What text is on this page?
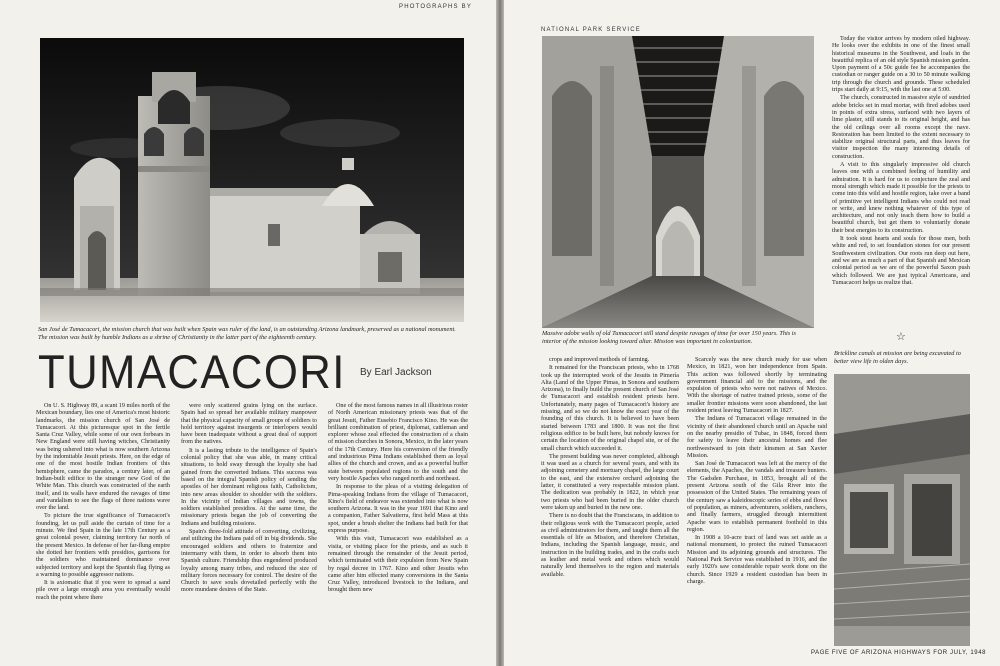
PHOTOGRAPHS BY
San José de Tumacacori, the mission church that was built when Spain was ruler of the land, is an outstanding Arizona landmark, preserved as a national monument. The mission was built by humble Indians as a shrine of Christianity in the latter part of the eighteenth century.
TUMACACORI By Earl Jackson

On U. S. Highway 89, a scant 19 miles north of the Mexican boundary, lies one of America's most historic landmarks, the mission church of San José de Tumacacori. At this picturesque spot in the fertile Santa Cruz Valley, while some of our own forbears in New England were still having witches, Christianity was being ushered into what is now southern Arizona by the indomitable Jesuit priests. Here, on the edge of one of the most hostile Indian frontiers of this hemisphere, came the paradox, a century later, of an Indian-built edifice to the stranger new God of the White Man. This church was constructed of the earth itself, and its walls have endured the ravages of time and vandalism to see the flags of three nations wave over the land.

To picture the true significance of Tumacacori's founding, let us pull aside the curtain of time for a minute. We find Spain in the late 17th Century as a great colonial power, claiming territory far north of the present Mexico. In defense of her far-flung empire she dotted her frontiers with presidios, garrisons for the soldiers who maintained dominance over subjected territory and kept the Spanish flag flying as a warning to possible aggressor nations.

It is axiomatic that if you were to spread a sand pile over a large enough area you eventually would reach the point where there

were only scattered grains lying on the surface. Spain had so spread her available military manpower that the physical capacity of small groups of soldiers to hold territory against insurgents or interlopers would have been inadequate without a great deal of support from the natives.

It is a lasting tribute to the intelligence of Spain's colonial policy that she was able, in many critical situations, to hold sway through the loyalty she had gained from the converted Indians. This success was based on the integral Spanish policy of sending the apostles of her dominant religious faith, Catholicism, into new areas shoulder to shoulder with the soldiers. In the vicinity of Indian villages and towns, the soldiers established presidios. At the same time, the missionary priests began the job of converting the Indians and building missions.

Spain's three-fold attitude of converting, civilizing, and utilizing the Indians paid off in big dividends. She encouraged soldiers and others to fraternize and intermarry with them, in order to absorb them into Spanish culture. Friendship thus engendered produced loyalty among many tribes, and reduced the size of military forces necessary for control. The desire of the Church to save souls dovetailed perfectly with the more mundane desires of the State.

One of the most famous names in all illustrious roster of North American missionary priests was that of the great Jesuit, Father Eusebio Francisco Kino. He was the brilliant combination of priest, diplomat, cattleman and explorer whose zeal effected the construction of a chain of mission churches in Sonora, Mexico, in the later years of the 17th Century. Here his conversion of the friendly and industrious Pima Indians established them as loyal allies of the church and crown, and as a powerful buffer state between populated regions to the south and the very hostile Apaches who ranged north and northeast.

In response to the pleas of a visiting delegation of Pima-speaking Indians from the village of Tumacacori, Kino's field of endeavor was extended into what is now southern Arizona. It was in the year 1691 that Kino and a companion, Father Salvatierra, first held Mass at this spot, under a brush shelter the Indians had built for that express purpose.

With this visit, Tumacacori was established as a visita, or visiting place for the priests, and as such it remained through the remainder of the Jesuit period, which terminated with their expulsion from New Spain by regal decree in 1767. Kino and other Jesuits who came after him effected many conversions in the Santa Cruz Valley, introduced livestock to the Indians, and brought them new

NATIONAL PARK SERVICE
Massive adobe walls of old Tumacacori still stand despite ravages of time for over 150 years. This is interior of the mission looking toward altar. Mission was important in colonization.

Today the visitor arrives by modern oiled highway. He looks over the exhibits in one of the finest small historical museums in the Southwest, and loafs in the beautiful replica of an old style Spanish mission garden. Upon payment of a 50c guide fee he accompanies the custodian or ranger guide on a 30 to 50 minute walking trip through the church and grounds. These scheduled trips start daily at 9:15, with the last one at 5:00.

The church, constructed in massive style of sundried adobe bricks set in mud mortar, with fired adobes used in points of extra stress, surfaced with two layers of lime plaster, still stands to its original height, and has the old ceilings over all rooms except the nave. Restoration has been limited to the extent necessary to stabilize original structural parts, and thus leaves for visitor inspection the many interesting details of construction.

A visit to this singularly impressive old church leaves one with a combined feeling of humility and admiration. It is hard for us to conjecture the zeal and moral strength which made it possible for the priests to come into this wild and hostile region, take over a band of primitive yet intelligent Indians who could not read or write, and knew nothing whatever of this type of architecture, and not only teach them how to build a beautiful church, but get them to voluntarily donate their best energies to its construction.

It took stout hearts and souls for those men, both white and red, to set foundation stones for our present Southwestern civilization. Our roots run deep out here, and we are as much a part of that Spanish and Mexican colonial period as we are of the powerful Saxon push which followed. We are just typical Americans, and Tumacacori helps us realize that.

☆

crops and improved methods of farming.

It remained for the Franciscan priests, who in 1768 took up the interrupted work of the Jesuits in Pimería Alta (Land of the Upper Pimas, in Sonora and southern Arizona), to finally build the present church of San José de Tumacacori and establish resident priests here. Unfortunately, many pages of Tumacacori's history are missing, and so we do not know the exact year of the founding of this church. It is believed to have been started between 1783 and 1800. It was not the first religious edifice to be built here, but nobody knows for certain the location of the original chapel site, or of the small church which succeeded it.

The present building was never completed, although it was used as a church for several years, and with its adjoining cemetery and mortuary chapel, the large court to the east, and the extensive orchard adjoining the latter, it constituted a very respectable mission plant. The dedication was probably in 1822, in which year two priests who had been buried in the older church were taken up and buried in the new one.

There is no doubt that the Franciscans, in addition to their religious work with the Tumacacori people, acted as civil administrators for them, and taught them all the essentials of life as Mission, and therefore Christian, Indians, including the Spanish language, music, and instruction in the building trades, and in the crafts such as leather and metal work and others which would naturally lend themselves to the region and materials available.

Scarcely was the new church ready for use when Mexico, in 1821, won her independence from Spain. This action was followed shortly by terminating government financial aid to the missions, and the expulsion of priests who were not natives of Mexico. With the shortage of native trained priests, some of the smaller frontier missions were soon abandoned, the last resident priest leaving Tumacacori in 1827.

The Indians of Tumacacori village remained in the vicinity of their abandoned church until an Apache raid on the nearby presidio of Tubac, in 1848, forced them for safety to leave their ancestral homes and flee northwestward to join their kinsmen at San Xavier Mission.

San José de Tumacacori was left at the mercy of the elements, the Apaches, the vandals and treasure hunters. The Gadsden Purchase, in 1853, brought all of the present Arizona south of the Gila River into the possession of the United States. The remaining years of the century saw a kaleidoscopic series of ebbs and flows of population, as miners, adventurers, soldiers, ranchers, and finally farmers, struggled through intermittent Apache wars to establish permanent foothold in this region.

In 1908 a 10-acre tract of land was set aside as a national monument, to protect the ruined Tumacacori Mission and its adjoining grounds and structures. The National Park Service was established in 1916, and the early 1920's saw considerable repair work done on the church. Since 1929 a resident custodian has been in charge.

Brickline canals at mission are being excavated to better view life in olden days.
PAGE FIVE OF ARIZONA HIGHWAYS FOR JULY, 1948
